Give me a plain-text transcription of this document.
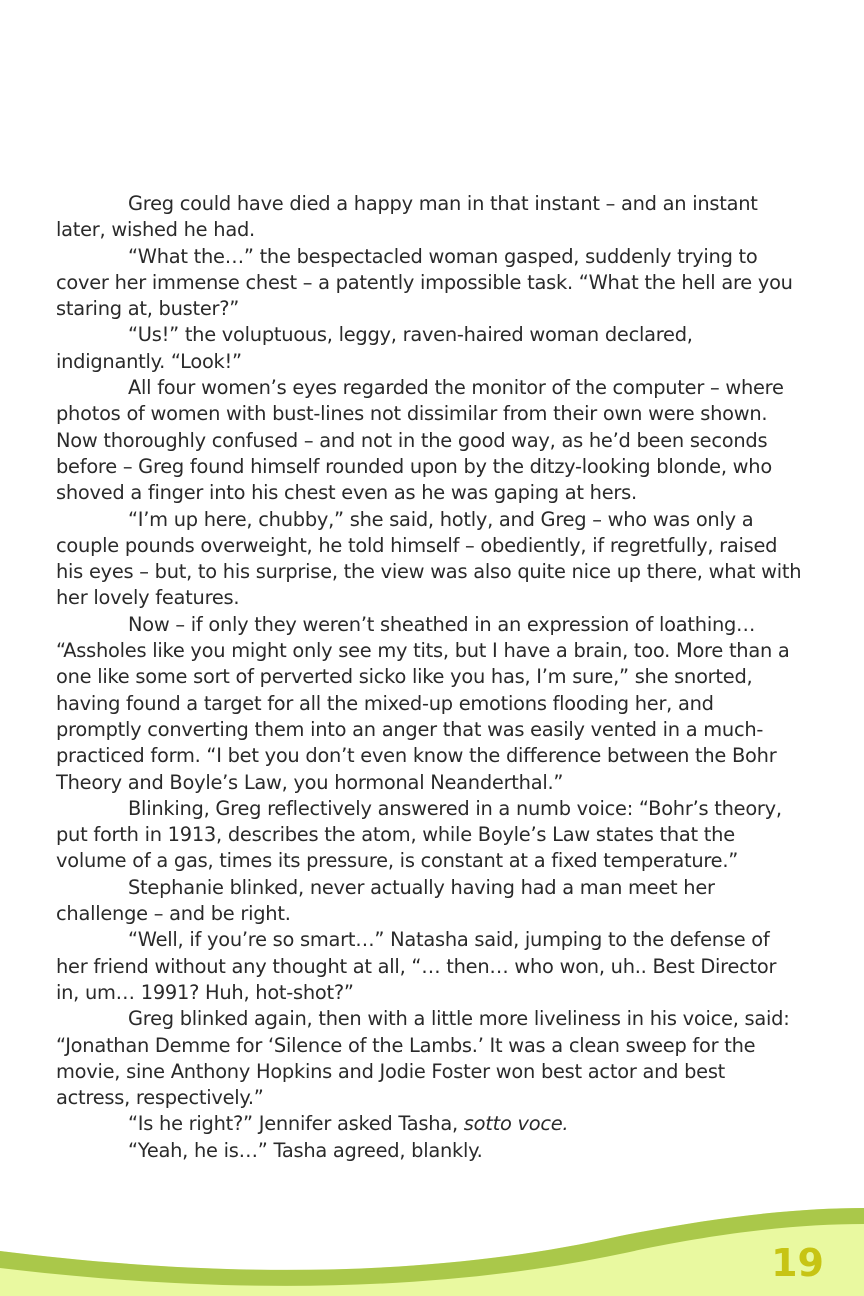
Greg could have died a happy man in that instant – and an instant later, wished he had.

“What the…” the bespectacled woman gasped, suddenly trying to cover her immense chest – a patently impossible task. “What the hell are you staring at, buster?”

“Us!” the voluptuous, leggy, raven-haired woman declared, indignantly. “Look!”

All four women’s eyes regarded the monitor of the computer – where photos of women with bust-lines not dissimilar from their own were shown. Now thoroughly confused – and not in the good way, as he’d been seconds before – Greg found himself rounded upon by the ditzy-looking blonde, who shoved a finger into his chest even as he was gaping at hers.

“I’m up here, chubby,” she said, hotly, and Greg – who was only a couple pounds overweight, he told himself – obediently, if regretfully, raised his eyes – but, to his surprise, the view was also quite nice up there, what with her lovely features.

Now – if only they weren’t sheathed in an expression of loathing… “Assholes like you might only see my tits, but I have a brain, too. More than a one like some sort of perverted sicko like you has, I’m sure,” she snorted, having found a target for all the mixed-up emotions flooding her, and promptly converting them into an anger that was easily vented in a much-practiced form. “I bet you don’t even know the difference between the Bohr Theory and Boyle’s Law, you hormonal Neanderthal.”

Blinking, Greg reflectively answered in a numb voice: “Bohr’s theory, put forth in 1913, describes the atom, while Boyle’s Law states that the volume of a gas, times its pressure, is constant at a fixed temperature.”

Stephanie blinked, never actually having had a man meet her challenge – and be right.

“Well, if you’re so smart…” Natasha said, jumping to the defense of her friend without any thought at all, “… then… who won, uh.. Best Director in, um… 1991? Huh, hot-shot?”

Greg blinked again, then with a little more liveliness in his voice, said: “Jonathan Demme for ‘Silence of the Lambs.’ It was a clean sweep for the movie, sine Anthony Hopkins and Jodie Foster won best actor and best actress, respectively.”

“Is he right?” Jennifer asked Tasha, sotto voce.

“Yeah, he is…” Tasha agreed, blankly.

19
